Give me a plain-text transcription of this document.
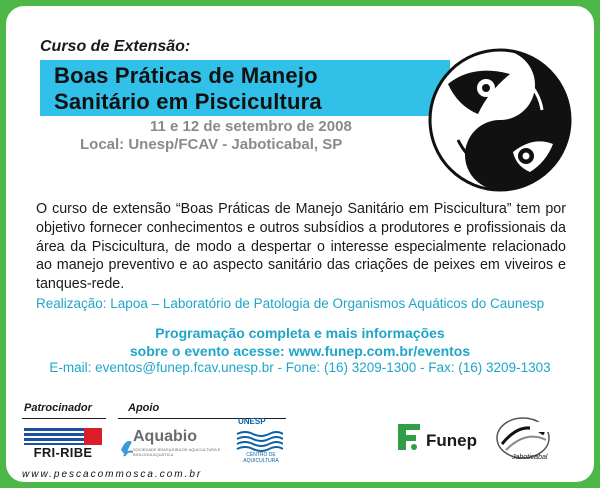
Curso de Extensão:
Boas Práticas de Manejo
Sanitário em Piscicultura
11 e 12 de setembro de 2008
Local: Unesp/FCAV - Jaboticabal, SP
O curso de extensão “Boas Práticas de Manejo Sanitário em Piscicultura” tem por objetivo fornecer conhecimentos e outros subsídios a produtores e profissionais da área da Piscicultura, de modo a despertar o interesse especialmente relacionado ao manejo preventivo e ao aspecto sanitário das criações de peixes em viveiros e tanques-rede.
Realização: Lapoa – Laboratório de Patologia de Organismos Aquáticos do Caunesp
Programação completa e mais informações
sobre o evento acesse: www.funep.com.br/eventos
E-mail: eventos@funep.fcav.unesp.br - Fone: (16) 3209-1300 - Fax: (16) 3209-1303
Patrocinador	Apoio
FRI-RIBE
Aquabio
SOCIEDADE BRASILEIRA DE AQUICULTURA E BIOLOGIA AQUÁTICA
UNESP
CENTRO DE AQUICULTURA
Funep
Jaboticabal
www.pescacommosca.com.br
